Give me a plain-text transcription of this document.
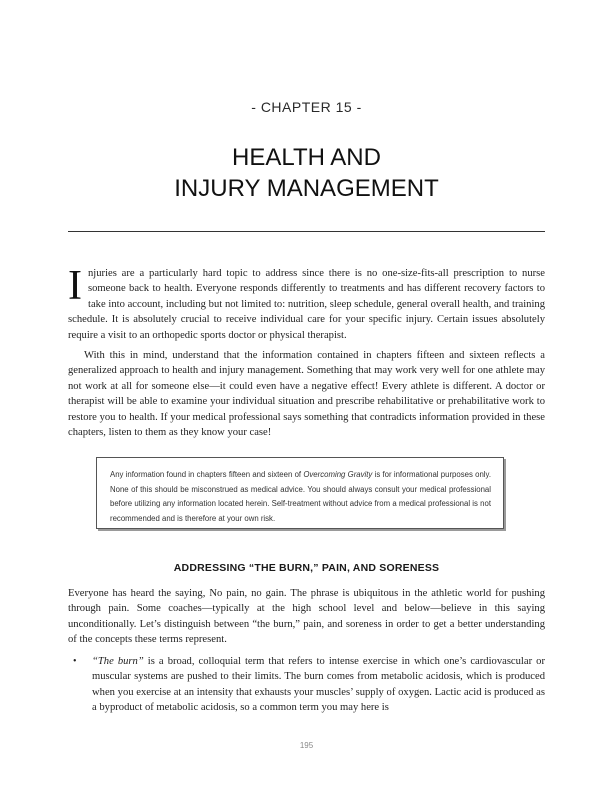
- CHAPTER 15 -
HEALTH AND
INJURY MANAGEMENT

Injuries are a particularly hard topic to address since there is no one-size-fits-all prescription to nurse someone back to health. Everyone responds differently to treatments and has different recovery factors to take into account, including but not limited to: nutrition, sleep schedule, general overall health, and training schedule. It is absolutely crucial to receive individual care for your specific injury. Certain issues absolutely require a visit to an orthopedic sports doctor or physical therapist.

With this in mind, understand that the information contained in chapters fifteen and sixteen reflects a generalized approach to health and injury management. Something that may work very well for one athlete may not work at all for someone else—it could even have a negative effect! Every athlete is different. A doctor or therapist will be able to examine your individual situation and prescribe rehabilitative or prehabilitative work to restore you to health. If your medical professional says something that contradicts information provided in these chapters, listen to them as they know your case!

Any information found in chapters fifteen and sixteen of Overcoming Gravity is for informational purposes only. None of this should be misconstrued as medical advice. You should always consult your medical professional before utilizing any information located herein. Self-treatment without advice from a medical professional is not recommended and is therefore at your own risk.
ADDRESSING “THE BURN,” PAIN, AND SORENESS

Everyone has heard the saying, No pain, no gain. The phrase is ubiquitous in the athletic world for pushing through pain. Some coaches—typically at the high school level and below—believe in this saying unconditionally. Let’s distinguish between “the burn,” pain, and soreness in order to get a better understanding of the concepts these terms represent.

• “The burn” is a broad, colloquial term that refers to intense exercise in which one’s cardiovascular or muscular systems are pushed to their limits. The burn comes from metabolic acidosis, which is produced when you exercise at an intensity that exhausts your muscles’ supply of oxygen. Lactic acid is produced as a byproduct of metabolic acidosis, so a common term you may here is
195
